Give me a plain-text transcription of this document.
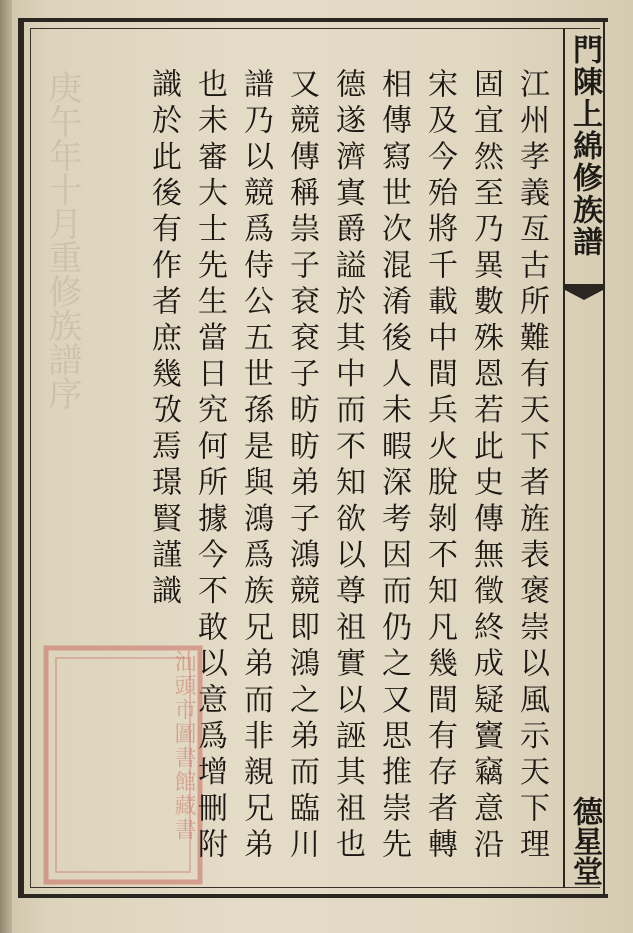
庚午年十月重修族譜序	門陳上綿修族譜
德星堂
汕頭市圖書館藏書	江州孝義亙古所難有天下者旌表褒崇以風示天下理
固宜然至乃異數殊恩若此史傳無徵終成疑竇竊意沿
宋及今殆將千載中間兵火脫剝不知凡幾間有存者轉
相傳寫世次混淆後人未暇深考因而仍之又思推崇先
德遂濟寘爵謚於其中而不知欲以尊祖實以誣其祖也
又競傳稱祟子袞袞子昉昉弟子鴻競即鴻之弟而臨川
譜乃以競爲侍公五世孫是與鴻爲族兄弟而非親兄弟
也未審大士先生當日究何所據今不敢以意爲增刪附
識於此後有作者庶幾攷焉璟賢謹識
